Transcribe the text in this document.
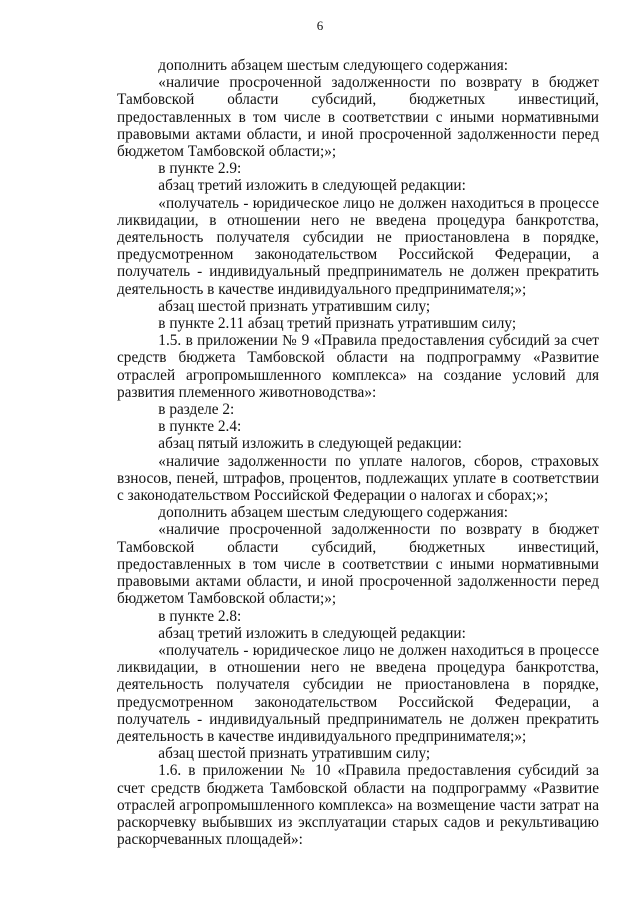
6

дополнить абзацем шестым следующего содержания:

«наличие просроченной задолженности по возврату в бюджет Тамбовской области субсидий, бюджетных инвестиций, предоставленных в том числе в соответствии с иными нормативными правовыми актами области, и иной просроченной задолженности перед бюджетом Тамбовской области;»;

в пункте 2.9:

абзац третий изложить в следующей редакции:

«получатель - юридическое лицо не должен находиться в процессе ликвидации, в отношении него не введена процедура банкротства, деятельность получателя субсидии не приостановлена в порядке, предусмотренном законодательством Российской Федерации, а получатель - индивидуальный предприниматель не должен прекратить деятельность в качестве индивидуального предпринимателя;»;

абзац шестой признать утратившим силу;

в пункте 2.11 абзац третий признать утратившим силу;

1.5. в приложении № 9 «Правила предоставления субсидий за счет средств бюджета Тамбовской области на подпрограмму «Развитие отраслей агропромышленного комплекса» на создание условий для развития племенного животноводства»:

в разделе 2:

в пункте 2.4:

абзац пятый изложить в следующей редакции:

«наличие задолженности по уплате налогов, сборов, страховых взносов, пеней, штрафов, процентов, подлежащих уплате в соответствии с законодательством Российской Федерации о налогах и сборах;»;

дополнить абзацем шестым следующего содержания:

«наличие просроченной задолженности по возврату в бюджет Тамбовской области субсидий, бюджетных инвестиций, предоставленных в том числе в соответствии с иными нормативными правовыми актами области, и иной просроченной задолженности перед бюджетом Тамбовской области;»;

в пункте 2.8:

абзац третий изложить в следующей редакции:

«получатель - юридическое лицо не должен находиться в процессе ликвидации, в отношении него не введена процедура банкротства, деятельность получателя субсидии не приостановлена в порядке, предусмотренном законодательством Российской Федерации, а получатель - индивидуальный предприниматель не должен прекратить деятельность в качестве индивидуального предпринимателя;»;

абзац шестой признать утратившим силу;

1.6. в приложении № 10 «Правила предоставления субсидий за счет средств бюджета Тамбовской области на подпрограмму «Развитие отраслей агропромышленного комплекса» на возмещение части затрат на раскорчевку выбывших из эксплуатации старых садов и рекультивацию раскорчеванных площадей»:
